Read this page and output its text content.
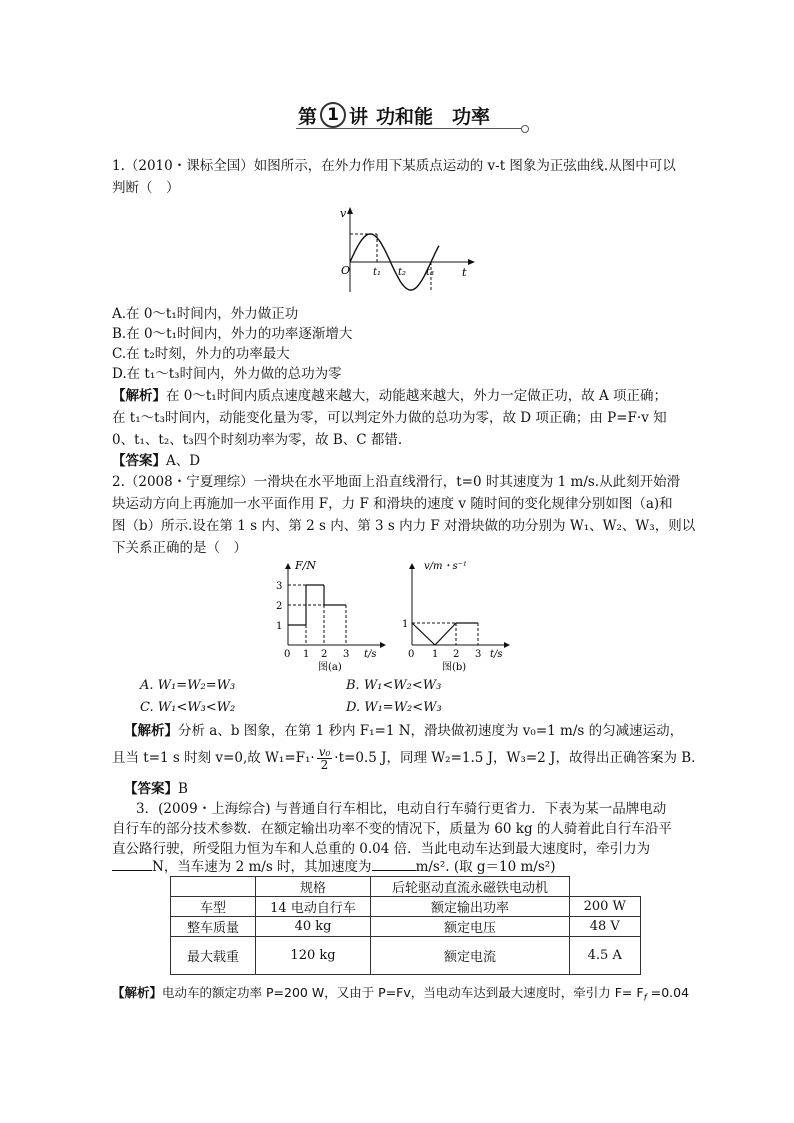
第 1 讲 功和能　功率
1.（2010・课标全国）如图所示，在外力作用下某质点运动的 v-t 图象为正弦曲线.从图中可以
判断（　）
v
t
O t₁ t₂ t₃
A.在 0～t₁时间内，外力做正功
B.在 0～t₁时间内，外力的功率逐渐增大
C.在 t₂时刻，外力的功率最大
D.在 t₁～t₃时间内，外力做的总功为零
【解析】在 0～t₁时间内质点速度越来越大，动能越来越大，外力一定做正功，故 A 项正确；
在 t₁～t₃时间内，动能变化量为零，可以判定外力做的总功为零，故 D 项正确；由 P=F·v 知
0、t₁、t₂、t₃四个时刻功率为零，故 B、C 都错.
【答案】A、D
2.（2008・宁夏理综）一滑块在水平地面上沿直线滑行，t=0 时其速度为 1 m/s.从此刻开始滑
块运动方向上再施加一水平面作用 F，力 F 和滑块的速度 v 随时间的变化规律分别如图（a)和
图（b）所示.设在第 1 s 内、第 2 s 内、第 3 s 内力 F 对滑块做的功分别为 W₁、W₂、W₃，则以
下关系正确的是（　）
F/N
1
2
3
0 1 2 3 t/s
图(a)
v/m・s⁻¹
1
0 1 2 3 t/s
图(b)
A. W₁=W₂=W₃	B. W₁<W₂<W₃
C. W₁<W₃<W₂	D. W₁=W₂<W₃
【解析】分析 a、b 图象，在第 1 秒内 F₁=1 N，滑块做初速度为 v₀=1 m/s 的匀减速运动，
且当 t=1 s 时刻 v=0,故 $W_1=F_1\cdot \frac{\text{v₀}}{2} \cdot t=0.5$ J，同理 W₂=1.5 J，W₃=2 J，故得出正确答案为 B.
【答案】B
3．(2009・上海综合) 与普通自行车相比，电动自行车骑行更省力．下表为某一品牌电动
自行车的部分技术参数．在额定输出功率不变的情况下，质量为 60 kg 的人骑着此自行车沿平
直公路行驶，所受阻力恒为车和人总重的 0.04 倍．当此电动车达到最大速度时，牵引力为
N，当车速为 2 m/s 时，其加速度为	m/s². (取 g＝10 m/s²)
	规格	后轮驱动直流永磁铁电动机	
车型	14 电动自行车	额定输出功率	200 W
整车质量	40 kg	额定电压	48 V
最大载重	120 kg	额定电流	4.5 A
【解析】电动车的额定功率 P=200 W，又由于 P=Fv，当电动车达到最大速度时，牵引力 $F= F_f =0.04$
